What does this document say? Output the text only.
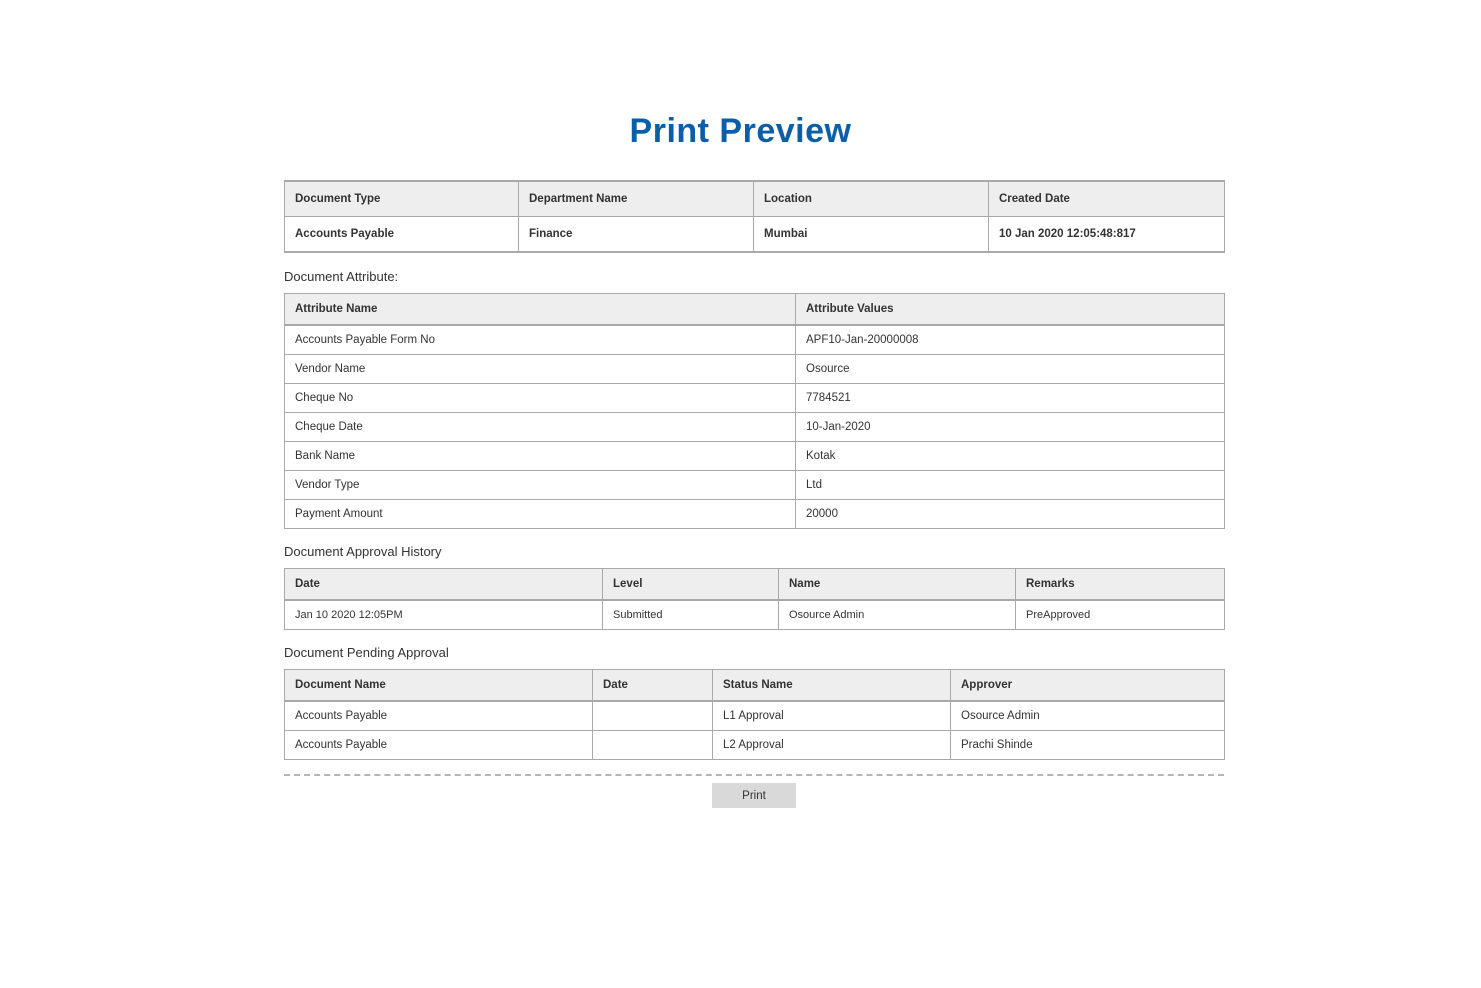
Print Preview
Document Type	Department Name	Location	Created Date
Accounts Payable	Finance	Mumbai	10 Jan 2020 12:05:48:817

Document Attribute:

Attribute Name	Attribute Values
Accounts Payable Form No	APF10-Jan-20000008
Vendor Name	Osource
Cheque No	7784521
Cheque Date	10-Jan-2020
Bank Name	Kotak
Vendor Type	Ltd
Payment Amount	20000

Document Approval History

Date	Level	Name	Remarks
Jan 10 2020 12:05PM	Submitted	Osource Admin	PreApproved

Document Pending Approval

Document Name	Date	Status Name	Approver
Accounts Payable		L1 Approval	Osource Admin
Accounts Payable		L2 Approval	Prachi Shinde
Print
